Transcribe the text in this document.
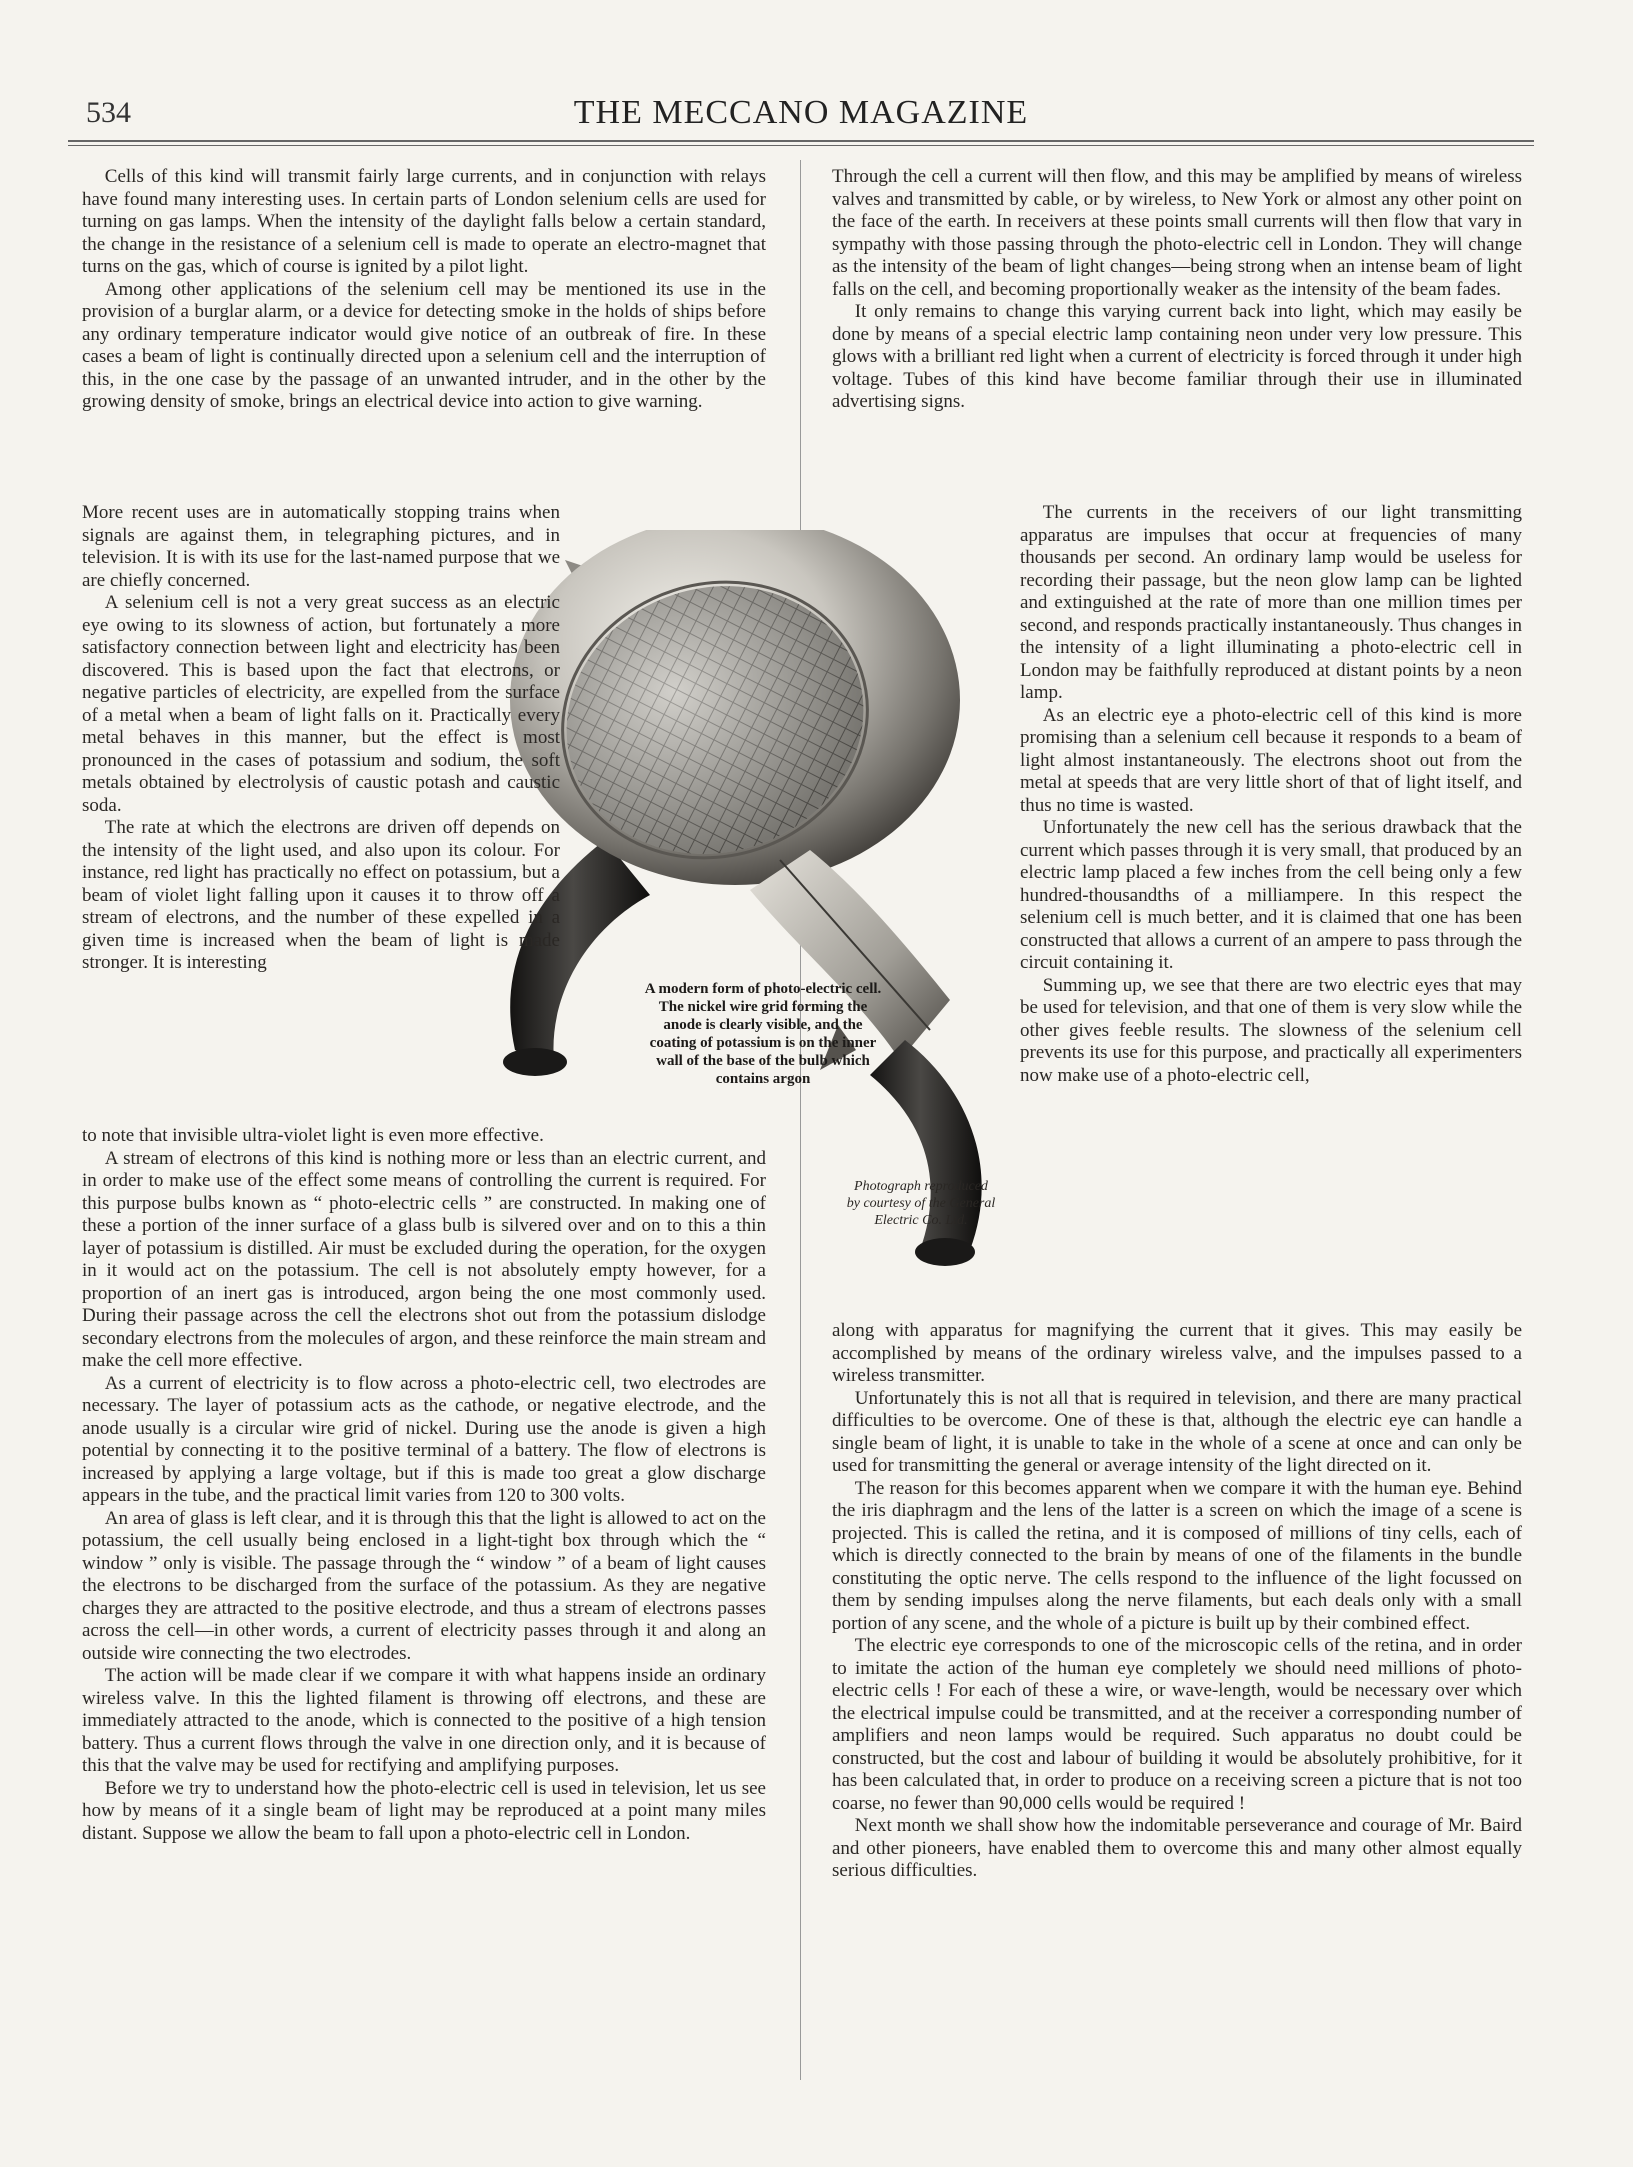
534	THE MECCANO MAGAZINE
A modern form of photo-electric cell. The nickel wire grid forming the anode is clearly visible, and the coating of potassium is on the inner wall of the base of the bulb which contains argon
Photograph reproduced by courtesy of the General Electric Co. Ltd.

Cells of this kind will transmit fairly large currents, and in conjunction with relays have found many interesting uses. In certain parts of London selenium cells are used for turning on gas lamps. When the intensity of the daylight falls below a certain standard, the change in the resistance of a selenium cell is made to operate an electro-magnet that turns on the gas, which of course is ignited by a pilot light.

Among other applications of the selenium cell may be mentioned its use in the provision of a burglar alarm, or a device for detecting smoke in the holds of ships before any ordinary temperature indicator would give notice of an outbreak of fire. In these cases a beam of light is continually directed upon a selenium cell and the interruption of this, in the one case by the passage of an unwanted intruder, and in the other by the growing density of smoke, brings an electrical device into action to give warning.

More recent uses are in automatically stopping trains when signals are against them, in telegraphing pictures, and in television. It is with its use for the last-named purpose that we are chiefly concerned.

A selenium cell is not a very great success as an electric eye owing to its slowness of action, but fortunately a more satisfactory connection between light and electricity has been discovered. This is based upon the fact that electrons, or negative particles of electricity, are expelled from the surface of a metal when a beam of light falls on it. Practically every metal behaves in this manner, but the effect is most pronounced in the cases of potassium and sodium, the soft metals obtained by electrolysis of caustic potash and caustic soda.

The rate at which the electrons are driven off depends on the intensity of the light used, and also upon its colour. For instance, red light has practically no effect on potassium, but a beam of violet light falling upon it causes it to throw off a stream of electrons, and the number of these expelled in a given time is increased when the beam of light is made stronger. It is interesting

to note that invisible ultra-violet light is even more effective.

A stream of electrons of this kind is nothing more or less than an electric current, and in order to make use of the effect some means of controlling the current is required. For this purpose bulbs known as “ photo-electric cells ” are constructed. In making one of these a portion of the inner surface of a glass bulb is silvered over and on to this a thin layer of potassium is distilled. Air must be excluded during the operation, for the oxygen in it would act on the potassium. The cell is not absolutely empty however, for a proportion of an inert gas is introduced, argon being the one most commonly used. During their passage across the cell the electrons shot out from the potassium dislodge secondary electrons from the molecules of argon, and these reinforce the main stream and make the cell more effective.

As a current of electricity is to flow across a photo-electric cell, two electrodes are necessary. The layer of potassium acts as the cathode, or negative electrode, and the anode usually is a circular wire grid of nickel. During use the anode is given a high potential by connecting it to the positive terminal of a battery. The flow of electrons is increased by applying a large voltage, but if this is made too great a glow discharge appears in the tube, and the practical limit varies from 120 to 300 volts.

An area of glass is left clear, and it is through this that the light is allowed to act on the potassium, the cell usually being enclosed in a light-tight box through which the “ window ” only is visible. The passage through the “ window ” of a beam of light causes the electrons to be discharged from the surface of the potassium. As they are negative charges they are attracted to the positive electrode, and thus a stream of electrons passes across the cell—in other words, a current of electricity passes through it and along an outside wire connecting the two electrodes.

The action will be made clear if we compare it with what happens inside an ordinary wireless valve. In this the lighted filament is throwing off electrons, and these are immediately attracted to the anode, which is connected to the positive of a high tension battery. Thus a current flows through the valve in one direction only, and it is because of this that the valve may be used for rectifying and amplifying purposes.

Before we try to understand how the photo-electric cell is used in television, let us see how by means of it a single beam of light may be reproduced at a point many miles distant. Suppose we allow the beam to fall upon a photo-electric cell in London.

Through the cell a current will then flow, and this may be amplified by means of wireless valves and transmitted by cable, or by wireless, to New York or almost any other point on the face of the earth. In receivers at these points small currents will then flow that vary in sympathy with those passing through the photo-electric cell in London. They will change as the intensity of the beam of light changes—being strong when an intense beam of light falls on the cell, and becoming proportionally weaker as the intensity of the beam fades.

It only remains to change this varying current back into light, which may easily be done by means of a special electric lamp containing neon under very low pressure. This glows with a brilliant red light when a current of electricity is forced through it under high voltage. Tubes of this kind have become familiar through their use in illuminated advertising signs.

The currents in the receivers of our light transmitting apparatus are impulses that occur at frequencies of many thousands per second. An ordinary lamp would be useless for recording their passage, but the neon glow lamp can be lighted and extinguished at the rate of more than one million times per second, and responds practically instantaneously. Thus changes in the intensity of a light illuminating a photo-electric cell in London may be faithfully reproduced at distant points by a neon lamp.

As an electric eye a photo-electric cell of this kind is more promising than a selenium cell because it responds to a beam of light almost instantaneously. The electrons shoot out from the metal at speeds that are very little short of that of light itself, and thus no time is wasted.

Unfortunately the new cell has the serious drawback that the current which passes through it is very small, that produced by an electric lamp placed a few inches from the cell being only a few hundred-thousandths of a milliampere. In this respect the selenium cell is much better, and it is claimed that one has been constructed that allows a current of an ampere to pass through the circuit containing it.

Summing up, we see that there are two electric eyes that may be used for television, and that one of them is very slow while the other gives feeble results. The slowness of the selenium cell prevents its use for this purpose, and practically all experimenters now make use of a photo-electric cell,

along with apparatus for magnifying the current that it gives. This may easily be accomplished by means of the ordinary wireless valve, and the impulses passed to a wireless transmitter.

Unfortunately this is not all that is required in television, and there are many practical difficulties to be overcome. One of these is that, although the electric eye can handle a single beam of light, it is unable to take in the whole of a scene at once and can only be used for transmitting the general or average intensity of the light directed on it.

The reason for this becomes apparent when we compare it with the human eye. Behind the iris diaphragm and the lens of the latter is a screen on which the image of a scene is projected. This is called the retina, and it is composed of millions of tiny cells, each of which is directly connected to the brain by means of one of the filaments in the bundle constituting the optic nerve. The cells respond to the influence of the light focussed on them by sending impulses along the nerve filaments, but each deals only with a small portion of any scene, and the whole of a picture is built up by their combined effect.

The electric eye corresponds to one of the microscopic cells of the retina, and in order to imitate the action of the human eye completely we should need millions of photo-electric cells ! For each of these a wire, or wave-length, would be necessary over which the electrical impulse could be transmitted, and at the receiver a corresponding number of amplifiers and neon lamps would be required. Such apparatus no doubt could be constructed, but the cost and labour of building it would be absolutely prohibitive, for it has been calculated that, in order to produce on a receiving screen a picture that is not too coarse, no fewer than 90,000 cells would be required !

Next month we shall show how the indomitable perseverance and courage of Mr. Baird and other pioneers, have enabled them to overcome this and many other almost equally serious difficulties.
